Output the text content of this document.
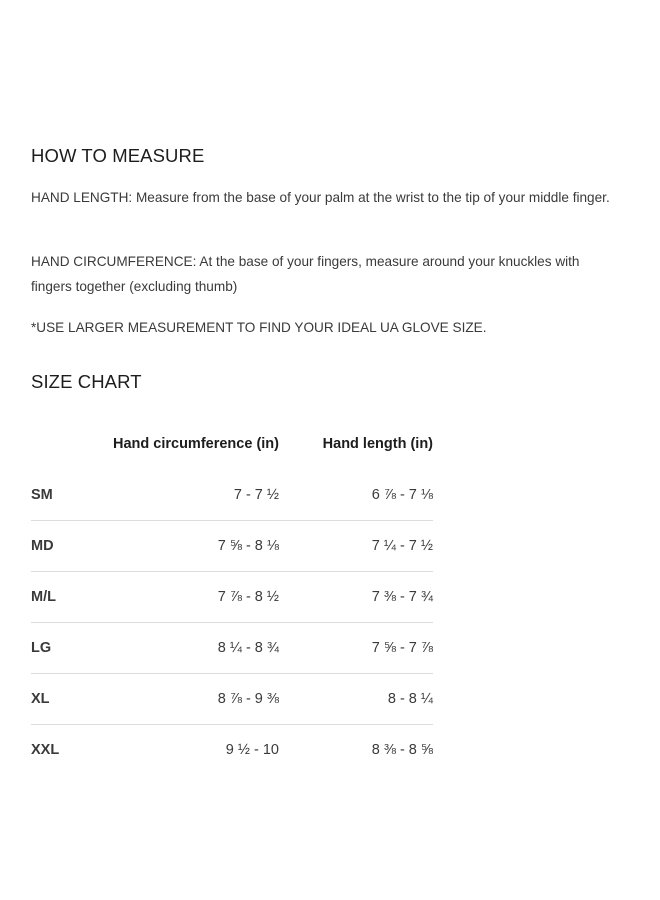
HOW TO MEASURE

HAND LENGTH: Measure from the base of your palm at the wrist to the tip of your middle finger.

HAND CIRCUMFERENCE: At the base of your fingers, measure around your knuckles with fingers together (excluding thumb)

*USE LARGER MEASUREMENT TO FIND YOUR IDEAL UA GLOVE SIZE.

SIZE CHART
	Hand circumference (in)	Hand length (in)
SM	7 - 7 ½	6 ⅞ - 7 ⅛
MD	7 ⅝ - 8 ⅛	7 ¼ - 7 ½
M/L	7 ⅞ - 8 ½	7 ⅜ - 7 ¾
LG	8 ¼ - 8 ¾	7 ⅝ - 7 ⅞
XL	8 ⅞ - 9 ⅜	8 - 8 ¼
XXL	9 ½ - 10	8 ⅜ - 8 ⅝
